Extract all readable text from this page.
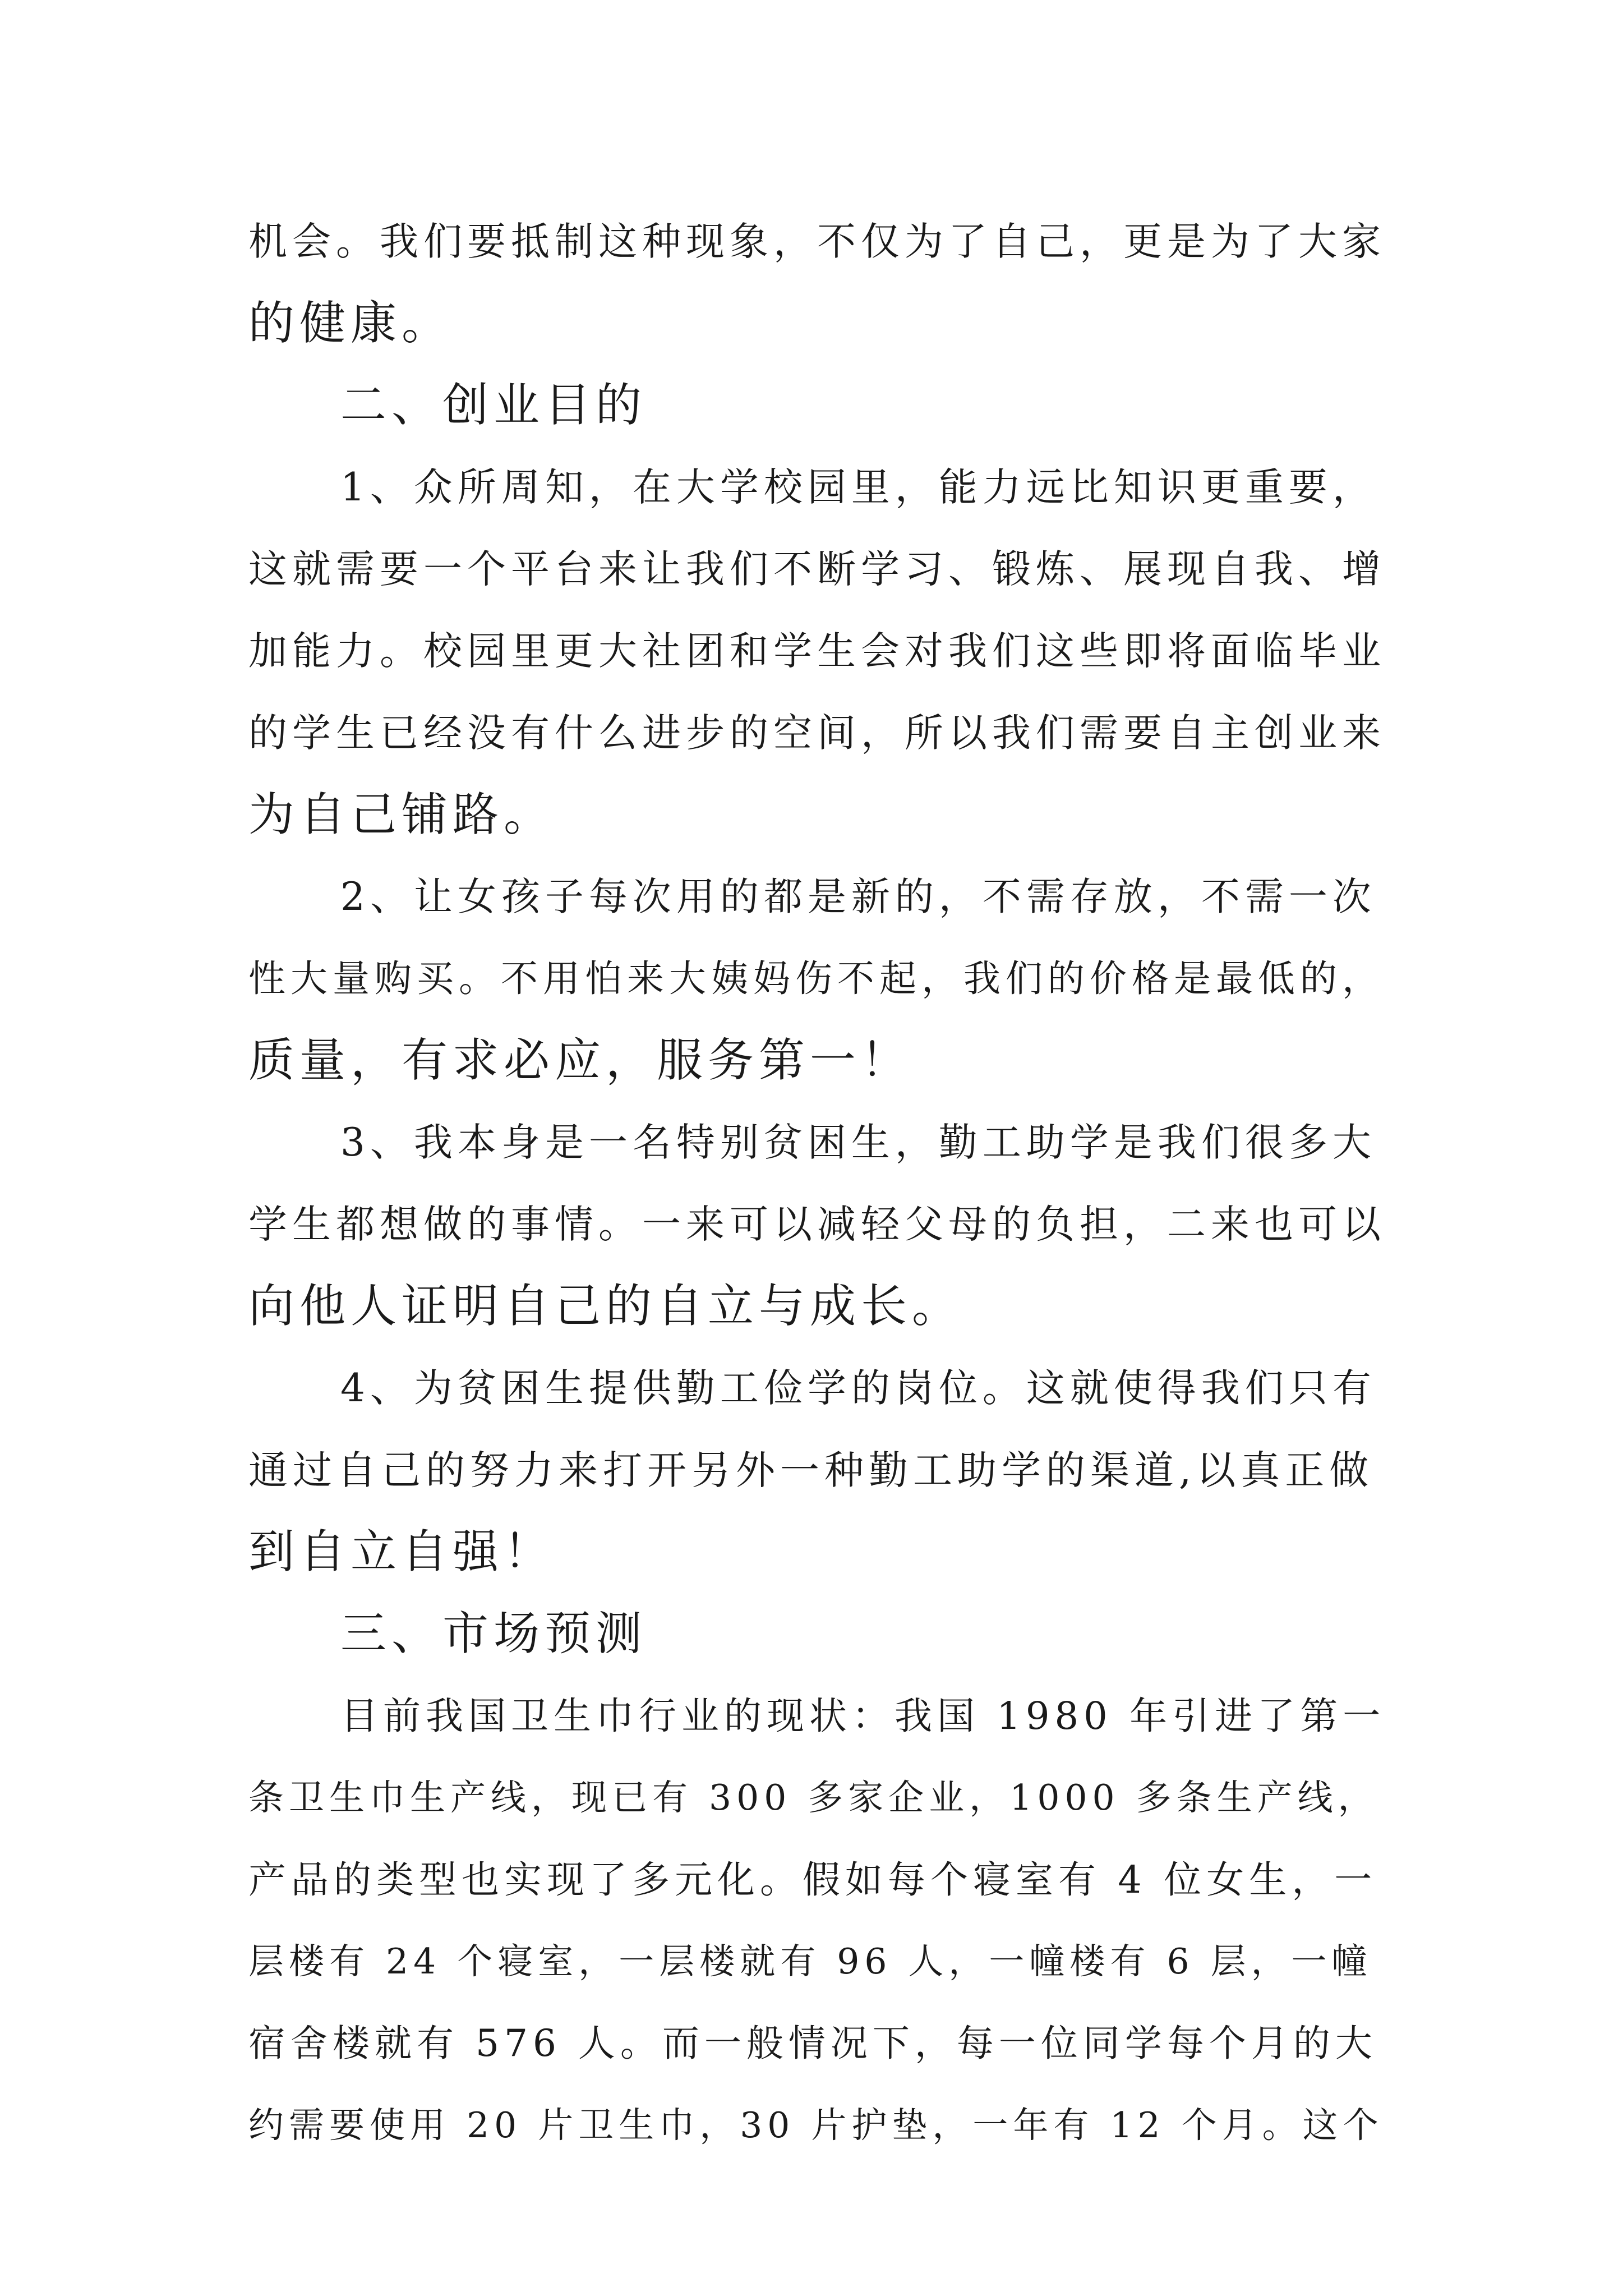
机会。我们要抵制这种现象，不仅为了自己，更是为了大家
的健康。
二、创业目的
1、众所周知，在大学校园里，能力远比知识更重要，
这就需要一个平台来让我们不断学习、锻炼、展现自我、增
加能力。校园里更大社团和学生会对我们这些即将面临毕业
的学生已经没有什么进步的空间，所以我们需要自主创业来
为自己铺路。
2、让女孩子每次用的都是新的，不需存放，不需一次
性大量购买。不用怕来大姨妈伤不起，我们的价格是最低的，
质量，有求必应，服务第一！
3、我本身是一名特别贫困生，勤工助学是我们很多大
学生都想做的事情。一来可以减轻父母的负担，二来也可以
向他人证明自己的自立与成长。
4、为贫困生提供勤工俭学的岗位。这就使得我们只有
通过自己的努力来打开另外一种勤工助学的渠道,以真正做
到自立自强！
三、市场预测
目前我国卫生巾行业的现状：我国 1980 年引进了第一
条卫生巾生产线，现已有 300 多家企业，1000 多条生产线，
产品的类型也实现了多元化。假如每个寝室有 4 位女生，一
层楼有 24 个寝室，一层楼就有 96 人，一幢楼有 6 层，一幢
宿舍楼就有 576 人。而一般情况下，每一位同学每个月的大
约需要使用 20 片卫生巾，30 片护垫，一年有 12 个月。这个
